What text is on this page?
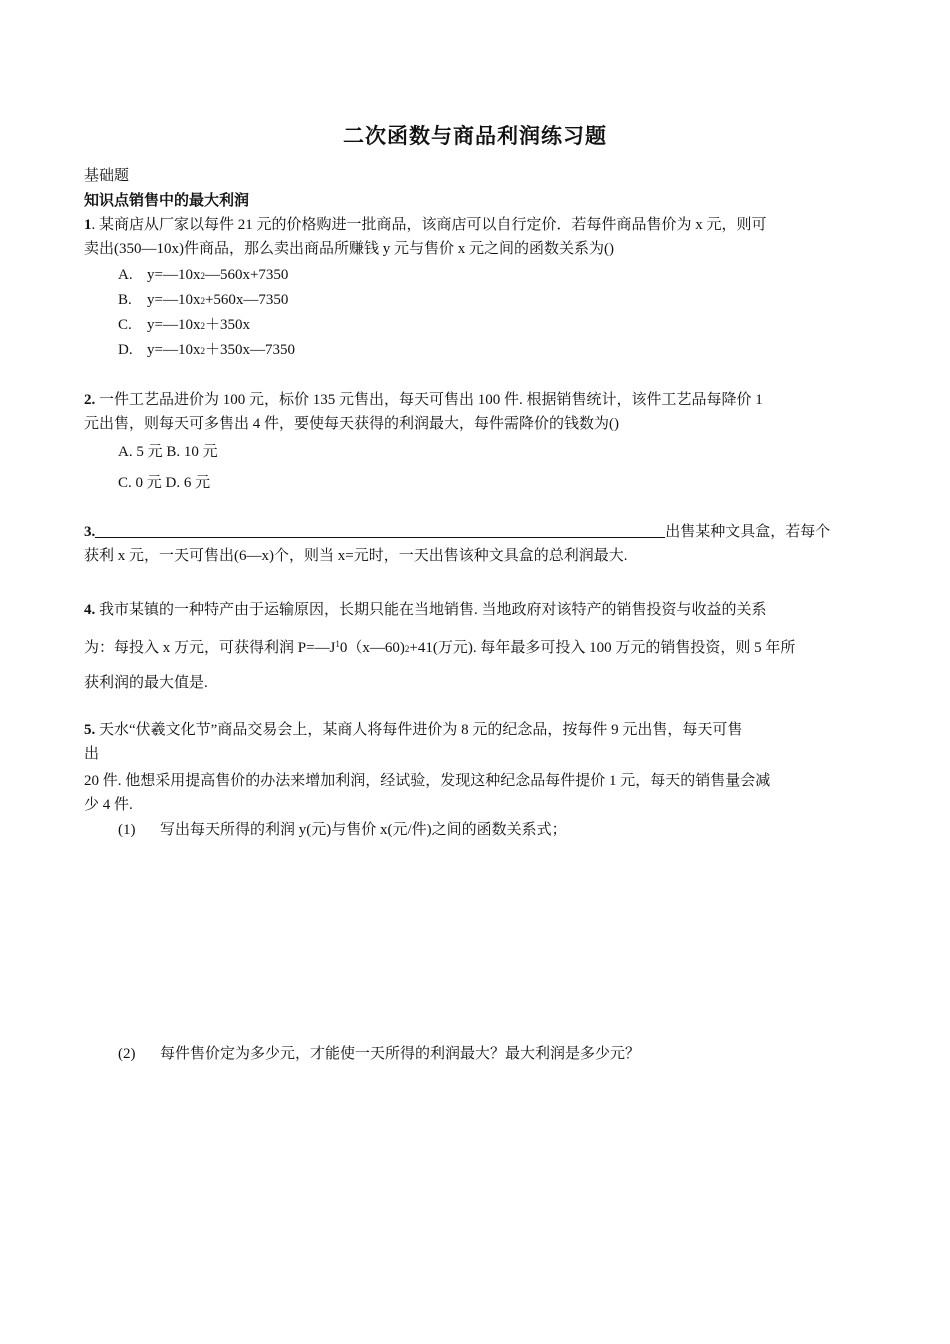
二次函数与商品利润练习题
基础题
知识点销售中的最大利润
1. 某商店从厂家以每件 21 元的价格购进一批商品，该商店可以自行定价．若每件商品售价为 x 元，则可
卖出(350—10x)件商品，那么卖出商品所赚钱 y 元与售价 x 元之间的函数关系为()
A. y=—10x2—560x+7350
B. y=—10x2+560x—7350
C. y=—10x2＋350x
D. y=—10x2＋350x—7350
2. 一件工艺品进价为 100 元，标价 135 元售出，每天可售出 100 件. 根据销售统计，该件工艺品每降价 1
元出售，则每天可多售出 4 件，要使每天获得的利润最大，每件需降价的钱数为()
A. 5 元 B. 10 元
C. 0 元 D. 6 元
3.	出售某种文具盒，若每个
获利 x 元，一天可售出(6—x)个，则当 x=元时，一天出售该种文具盒的总利润最大.
4. 我市某镇的一种特产由于运输原因，长期只能在当地销售. 当地政府对该特产的销售投资与收益的关系
为：每投入 x 万元，可获得利润 $P=—J^10(x—60)2+41$(万元). 每年最多可投入 100 万元的销售投资，则 5 年所
获利润的最大值是.
5. 天水“伏羲文化节”商品交易会上，某商人将每件进价为 8 元的纪念品，按每件 9 元出售，每天可售
出
20 件. 他想采用提高售价的办法来增加利润，经试验，发现这种纪念品每件提价 1 元，每天的销售量会减
少 4 件.
(1) 写出每天所得的利润 y(元)与售价 x(元/件)之间的函数关系式；
(2) 每件售价定为多少元，才能使一天所得的利润最大？最大利润是多少元？
